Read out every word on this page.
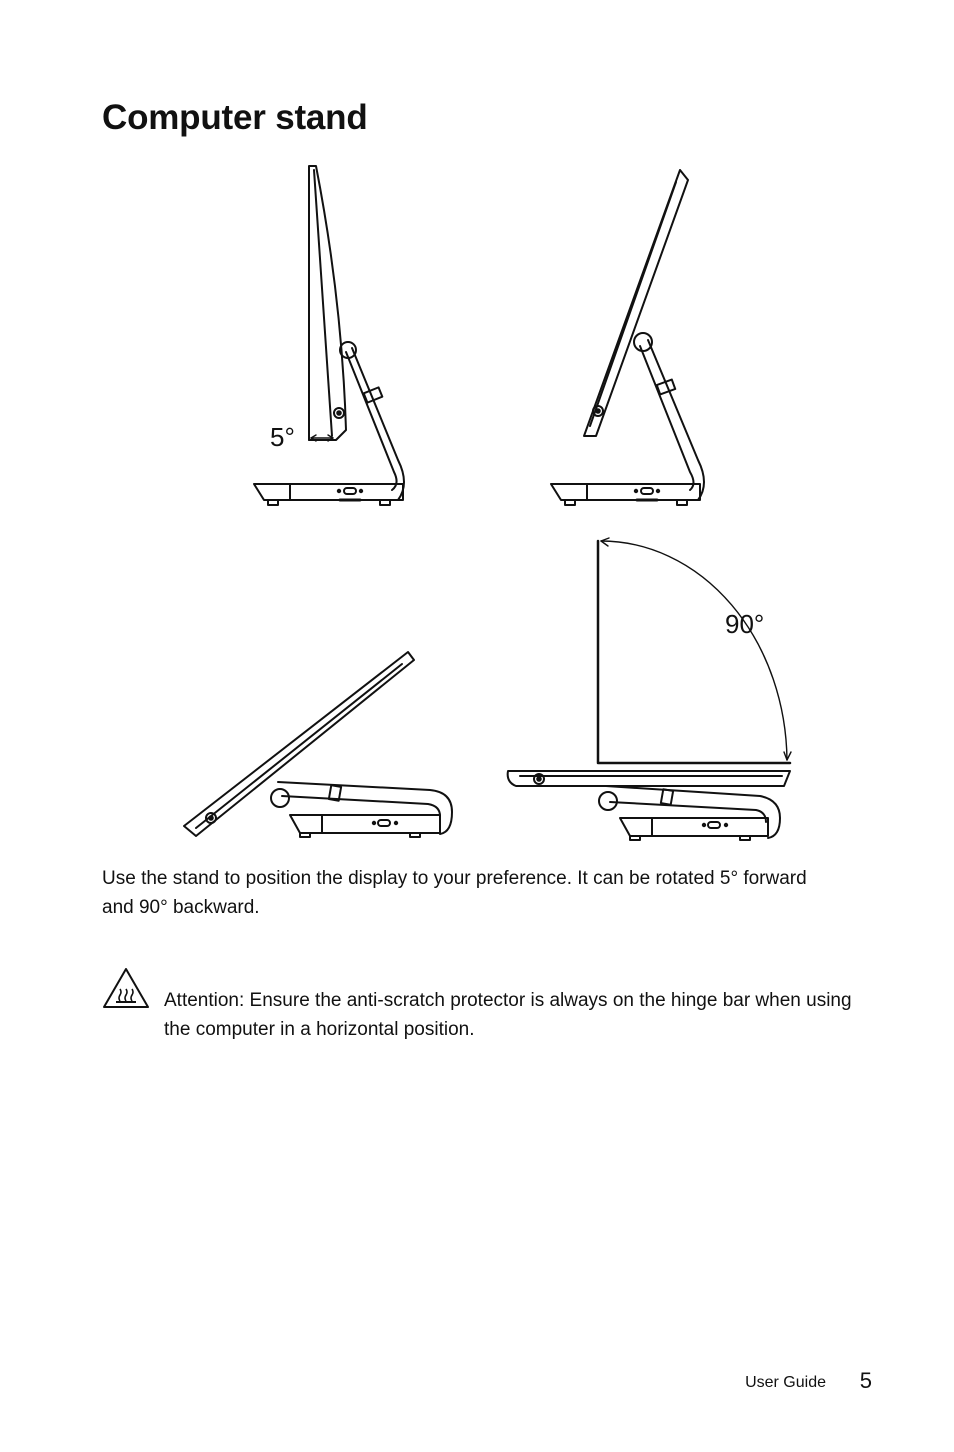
Computer stand
5°
90°

Use the stand to position the display to your preference. It can be rotated 5° forward and 90° backward.

Attention: Ensure the anti-scratch protector is always on the hinge bar when using the computer in a horizontal position.

User Guide 5
